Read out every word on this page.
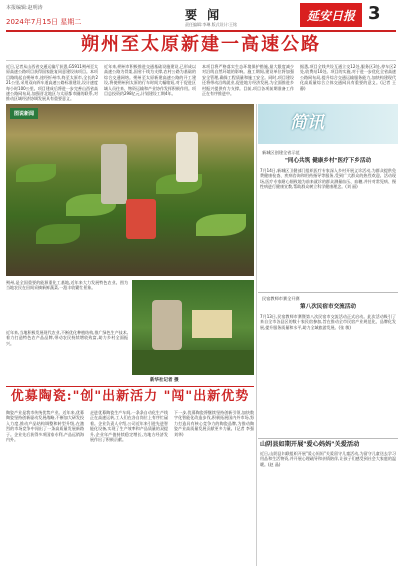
本报编辑:赵明涛
2024年7月15日 星期二	要 闻
责任编辑:李琳 版式设计:王铭
延安日报 3
朔州至太原新建一高速公路
近日,记者从山西省交通运输厅获悉,G5911朔州至太原高速公路项目获得国家批复同意建设该项目。本项目路线起自朔州市,途经忻州市,终至太原市,全长约221公里,采用双向四车道高速公路标准建设,设计速度每小时100公里。项目建成后将进一步完善山西省高速公路网布局,加强晋北地区与太原都市圈的联系,对推动区域经济协调发展具有重要意义。
近年来,朔州市积极推进交通基础设施建设,已形成以高速公路为骨架,国省干线为支撑,农村公路为基础的综合交通网络。朔州至太原新建高速公路的开工建设,将使朔州到太原的行车时间大幅缩短,对于促进区域人员往来、物资运输和产业协作发挥积极作用。项目总投资约298亿元,计划建设工期4年。
本项目将严格落实生态环境保护措施,最大限度减少对沿线自然环境的影响。施工期间,建设单位将加强安全管理,确保工程质量和施工安全。同时,项目建设还将带动沿线就业,促进地方经济发展,为全面推进乡村振兴提供有力支撑。目前,项目各项前期准备工作正在有序推进中。
据悉,项目全线共设互通立交12处,服务区3处,停车区2处,收费站10处。项目的实施,对于进一步优化全省高速公路网布局,提升综合交通运输服务能力,加快构建现代化高质量综合立体交通网具有重要的意义。(记者 王静)
图说新闻
朔州,是全国重要的能源重化工基地,近年来大力发展特色农业。图为当地农民在田间采摘新鲜蔬菜,一派丰收繁忙景象。
近年来,当地积极发展现代农业,不断优化种植结构,推广绿色生产技术,着力打造特色农产品品牌,带动农民持续增收致富,助力乡村全面振兴。
新华社记者 摄
优募陶瓷:"创"出新活力 "闯"出新优势
陶瓷产业是我市传统优势产业。近年来,优募陶瓷坚持创新驱动发展战略,不断加大研发投入力度,推动产品结构调整和转型升级,在激烈的市场竞争中闯出了一条高质量发展新路子。企业先后获得多项国家专利,产品远销海内外。
走进优募陶瓷生产车间,一条条自动化生产线正在高速运转,工人们在各自岗位上有序忙碌着。企业负责人介绍,公司近年来引进先进智能化设备,实现了生产效率和产品质量的双提升,企业年产值持续稳定增长,为地方经济发展作出了积极贡献。
下一步,优募陶瓷将继续坚持创新引领,加快数字化智能化改造步伐,积极拓展国内外市场,努力打造具有核心竞争力的陶瓷品牌,为推动陶瓷产业高质量发展贡献更多力量。(记者 李强 刘华)
简讯
新城区创建全省示范
"同心共筑 健康乡村"医疗下乡活动
7月14日,新城区卫健部门组织医疗专家深入乡村开展义诊活动,为群众提供免费健康检查、疾病咨询和用药指导等服务,受到广大群众的热烈欢迎。活动现场,医疗专家耐心细致地为前来就诊的群众测量血压、血糖,并针对常见病、慢性病进行健康宣教,帮助群众树立科学健康理念。(刘 丽)
民宿教师市赛全开赛
第八次民宿市交流活动
7月13日,民宿教师市赛暨第八次民宿市交流活动正式启动。此次活动吸引了来自全市各县区的数十家民宿参加,旨在推动全市民宿产业规范化、品牌化发展,提升服务质量和水平,助力全域旅游发展。(张 敏)
山阴县如期开展"爱心妈妈"关爱活动
近日,山阴县妇联组织开展"爱心妈妈"关爱留守儿童活动,为留守儿童送去学习用品和生活物资,并开展心理疏导和亲情陪伴,让孩子们感受到社会大家庭的温暖。(赵 晶)
